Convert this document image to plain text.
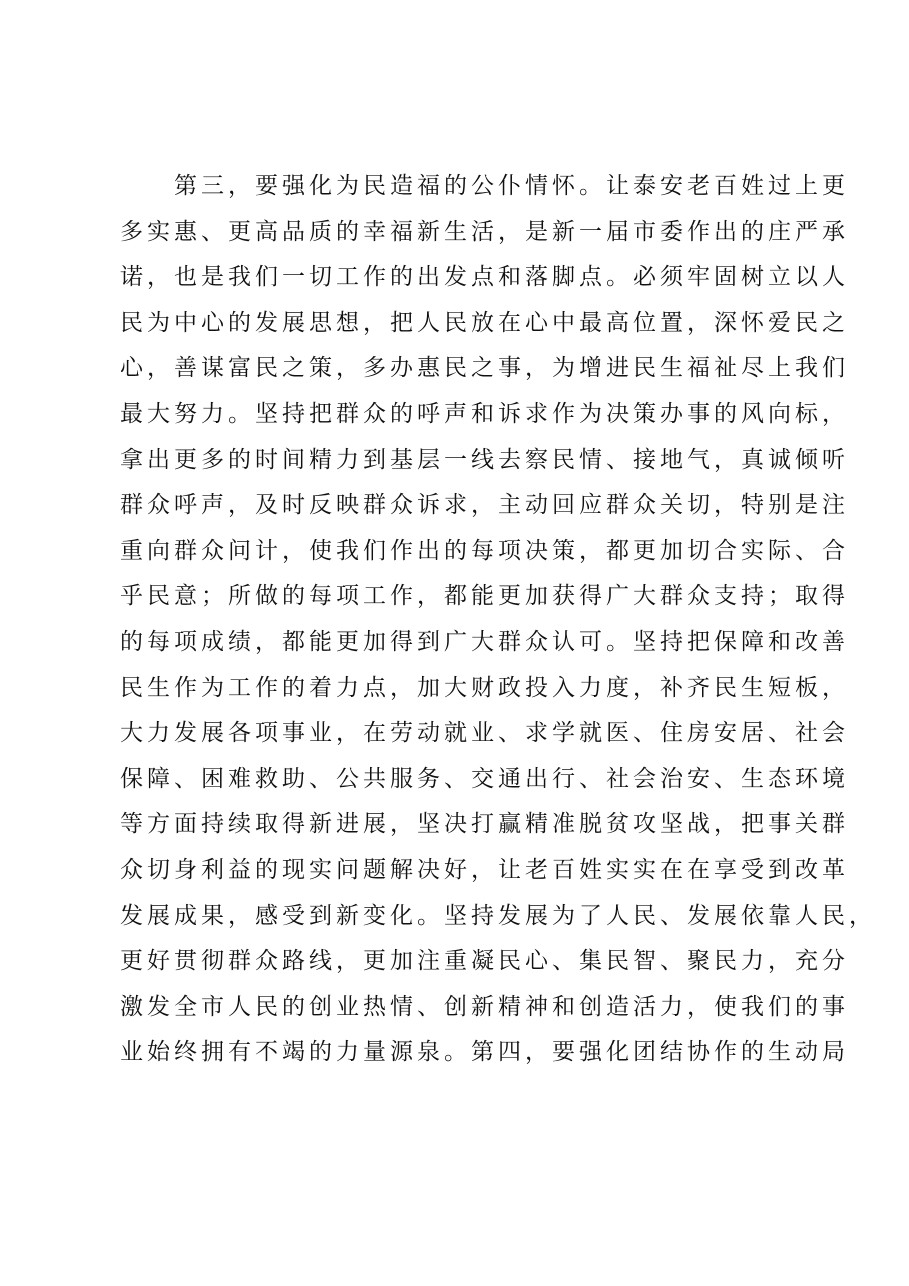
　　第三，要强化为民造福的公仆情怀。让泰安老百姓过上更
多实惠、更高品质的幸福新生活，是新一届市委作出的庄严承
诺，也是我们一切工作的出发点和落脚点。必须牢固树立以人
民为中心的发展思想，把人民放在心中最高位置，深怀爱民之
心，善谋富民之策，多办惠民之事，为增进民生福祉尽上我们
最大努力。坚持把群众的呼声和诉求作为决策办事的风向标，
拿出更多的时间精力到基层一线去察民情、接地气，真诚倾听
群众呼声，及时反映群众诉求，主动回应群众关切，特别是注
重向群众问计，使我们作出的每项决策，都更加切合实际、合
乎民意；所做的每项工作，都能更加获得广大群众支持；取得
的每项成绩，都能更加得到广大群众认可。坚持把保障和改善
民生作为工作的着力点，加大财政投入力度，补齐民生短板，
大力发展各项事业，在劳动就业、求学就医、住房安居、社会
保障、困难救助、公共服务、交通出行、社会治安、生态环境
等方面持续取得新进展，坚决打赢精准脱贫攻坚战，把事关群
众切身利益的现实问题解决好，让老百姓实实在在享受到改革
发展成果，感受到新变化。坚持发展为了人民、发展依靠人民，
更好贯彻群众路线，更加注重凝民心、集民智、聚民力，充分
激发全市人民的创业热情、创新精神和创造活力，使我们的事
业始终拥有不竭的力量源泉。第四，要强化团结协作的生动局
